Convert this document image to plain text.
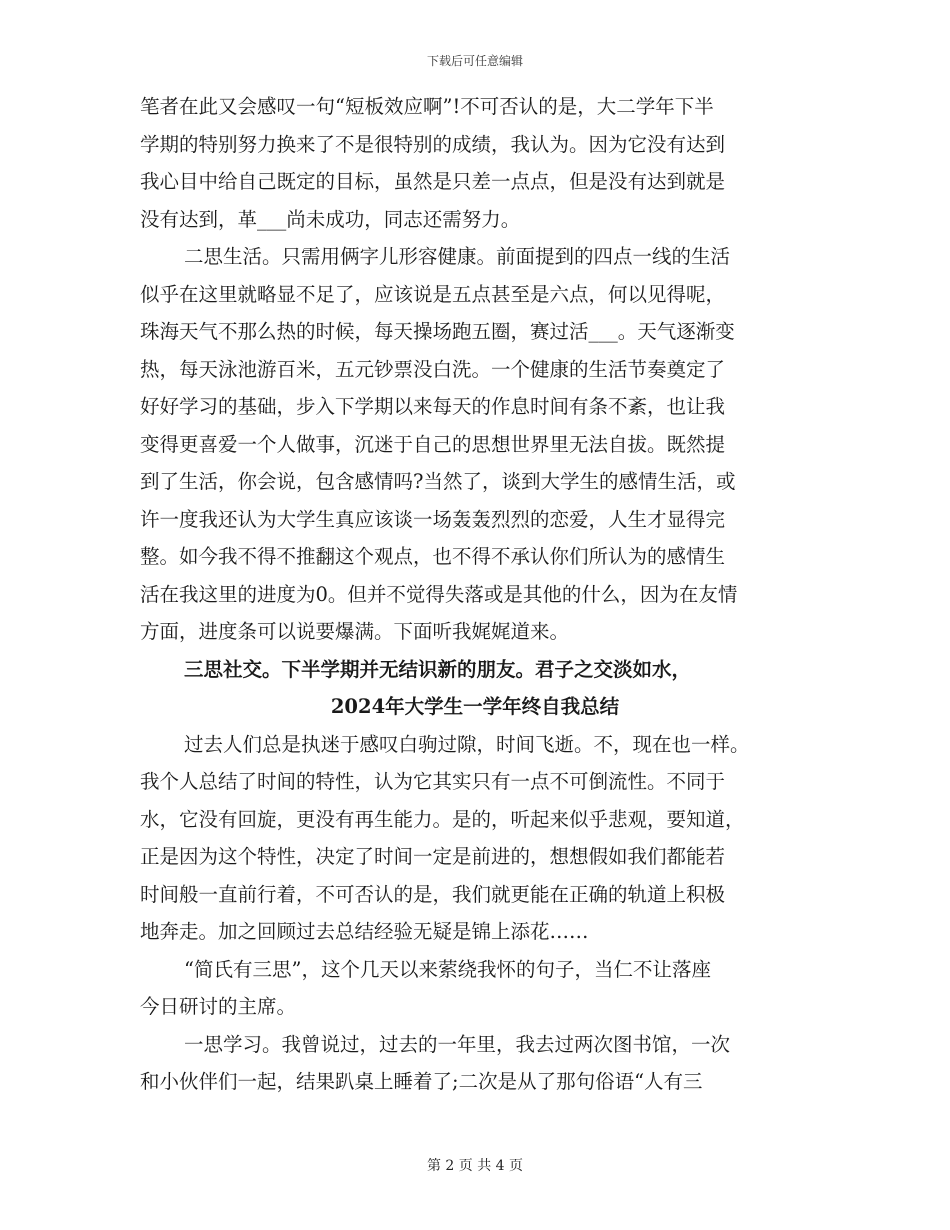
下载后可任意编辑
笔者在此又会感叹一句“短板效应啊”!不可否认的是，大二学年下半
学期的特别努力换来了不是很特别的成绩，我认为。因为它没有达到
我心目中给自己既定的目标，虽然是只差一点点，但是没有达到就是
没有达到，革___尚未成功，同志还需努力。
二思生活。只需用俩字儿形容健康。前面提到的四点一线的生活
似乎在这里就略显不足了，应该说是五点甚至是六点，何以见得呢，
珠海天气不那么热的时候，每天操场跑五圈，赛过活___。天气逐渐变
热，每天泳池游百米，五元钞票没白洗。一个健康的生活节奏奠定了
好好学习的基础，步入下学期以来每天的作息时间有条不紊，也让我
变得更喜爱一个人做事，沉迷于自己的思想世界里无法自拔。既然提
到了生活，你会说，包含感情吗?当然了，谈到大学生的感情生活，或
许一度我还认为大学生真应该谈一场轰轰烈烈的恋爱，人生才显得完
整。如今我不得不推翻这个观点，也不得不承认你们所认为的感情生
活在我这里的进度为0。但并不觉得失落或是其他的什么，因为在友情
方面，进度条可以说要爆满。下面听我娓娓道来。
三思社交。下半学期并无结识新的朋友。君子之交淡如水，
2024年大学生一学年终自我总结
过去人们总是执迷于感叹白驹过隙，时间飞逝。不，现在也一样。
我个人总结了时间的特性，认为它其实只有一点不可倒流性。不同于
水，它没有回旋，更没有再生能力。是的，听起来似乎悲观，要知道，
正是因为这个特性，决定了时间一定是前进的，想想假如我们都能若
时间般一直前行着，不可否认的是，我们就更能在正确的轨道上积极
地奔走。加之回顾过去总结经验无疑是锦上添花……
“简氏有三思”，这个几天以来萦绕我怀的句子，当仁不让落座
今日研讨的主席。
一思学习。我曾说过，过去的一年里，我去过两次图书馆，一次
和小伙伴们一起，结果趴桌上睡着了;二次是从了那句俗语“人有三
第 2 页 共 4 页
